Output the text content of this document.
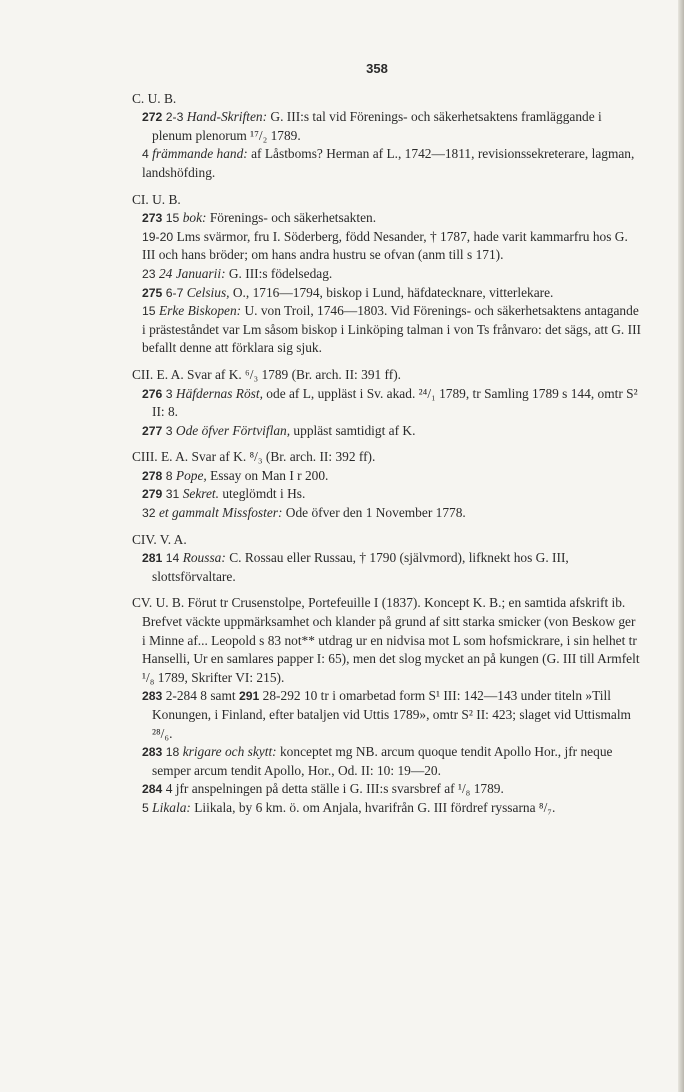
358
C. U. B.
272 2-3 Hand-Skriften: G. III:s tal vid Förenings- och säkerhetsaktens framläggande i plenum plenorum ¹⁷/₂ 1789.
4 främmande hand: af Låstboms? Herman af L., 1742—1811, revisionssekreterare, lagman, landshöfding.
CI. U. B.
273 15 bok: Förenings- och säkerhetsakten.
19-20 Lms svärmor, fru I. Söderberg, född Nesander, † 1787, hade varit kammarfru hos G. III och hans bröder; om hans andra hustru se ofvan (anm till s 171).
23 24 Januarii: G. III:s födelsedag.
275 6-7 Celsius, O., 1716—1794, biskop i Lund, häfdatecknare, vitterlekare.
15 Erke Biskopen: U. von Troil, 1746—1803. Vid Förenings- och säkerhetsaktens antagande i prästeståndet var Lm såsom biskop i Linköping talman i von Ts frånvaro: det sägs, att G. III befallt denne att förklara sig sjuk.
CII. E. A. Svar af K. ⁶/₃ 1789 (Br. arch. II: 391 ff).
276 3 Häfdernas Röst, ode af L, uppläst i Sv. akad. ²⁴/₁ 1789, tr Samling 1789 s 144, omtr S² II: 8.
277 3 Ode öfver Förtviflan, uppläst samtidigt af K.
CIII. E. A. Svar af K. ⁸/₃ (Br. arch. II: 392 ff).
278 8 Pope, Essay on Man I r 200.
279 31 Sekret. uteglömdt i Hs.
32 et gammalt Missfoster: Ode öfver den 1 November 1778.
CIV. V. A.
281 14 Roussa: C. Rossau eller Russau, † 1790 (självmord), lifknekt hos G. III, slottsförvaltare.
CV. U. B. Förut tr Crusenstolpe, Portefeuille I (1837). Koncept K. B.; en samtida afskrift ib. Brefvet väckte uppmärksamhet och klander på grund af sitt starka smicker (von Beskow ger i Minne af... Leopold s 83 not** utdrag ur en nidvisa mot L som hofsmickrare, i sin helhet tr Hanselli, Ur en samlares papper I: 65), men det slog mycket an på kungen (G. III till Armfelt ¹/₈ 1789, Skrifter VI: 215).
283 2-284 8 samt 291 28-292 10 tr i omarbetad form S¹ III: 142—143 under titeln »Till Konungen, i Finland, efter bataljen vid Uttis 1789», omtr S² II: 423; slaget vid Uttismalm ²⁸/₆.
283 18 krigare och skytt: konceptet mg NB. arcum quoque tendit Apollo Hor., jfr neque semper arcum tendit Apollo, Hor., Od. II: 10: 19—20.
284 4 jfr anspelningen på detta ställe i G. III:s svarsbref af ¹/₈ 1789.
5 Likala: Liikala, by 6 km. ö. om Anjala, hvarifrån G. III fördref ryssarna ⁸/₇.
